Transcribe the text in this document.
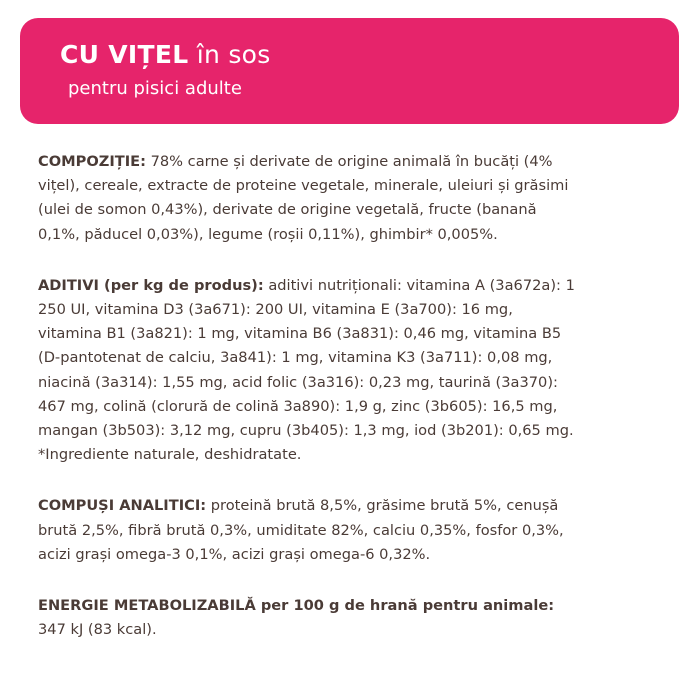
CU VIȚEL în sos
pentru pisici adulte

COMPOZIȚIE: 78% carne și derivate de origine animală în bucăți (4%
vițel), cereale, extracte de proteine vegetale, minerale, uleiuri și grăsimi
(ulei de somon 0,43%), derivate de origine vegetală, fructe (banană
0,1%, păducel 0,03%), legume (roșii 0,11%), ghimbir* 0,005%.

ADITIVI (per kg de produs): aditivi nutriționali: vitamina A (3a672a): 1
250 UI, vitamina D3 (3a671): 200 UI, vitamina E (3a700): 16 mg,
vitamina B1 (3a821): 1 mg, vitamina B6 (3a831): 0,46 mg, vitamina B5
(D-pantotenat de calciu, 3a841): 1 mg, vitamina K3 (3a711): 0,08 mg,
niacină (3a314): 1,55 mg, acid folic (3a316): 0,23 mg, taurină (3a370):
467 mg, colină (clorură de colină 3a890): 1,9 g, zinc (3b605): 16,5 mg,
mangan (3b503): 3,12 mg, cupru (3b405): 1,3 mg, iod (3b201): 0,65 mg.
*Ingrediente naturale, deshidratate.

COMPUȘI ANALITICI: proteină brută 8,5%, grăsime brută 5%, cenușă
brută 2,5%, fibră brută 0,3%, umiditate 82%, calciu 0,35%, fosfor 0,3%,
acizi grași omega-3 0,1%, acizi grași omega-6 0,32%.

ENERGIE METABOLIZABILĂ per 100 g de hrană pentru animale:
347 kJ (83 kcal).
